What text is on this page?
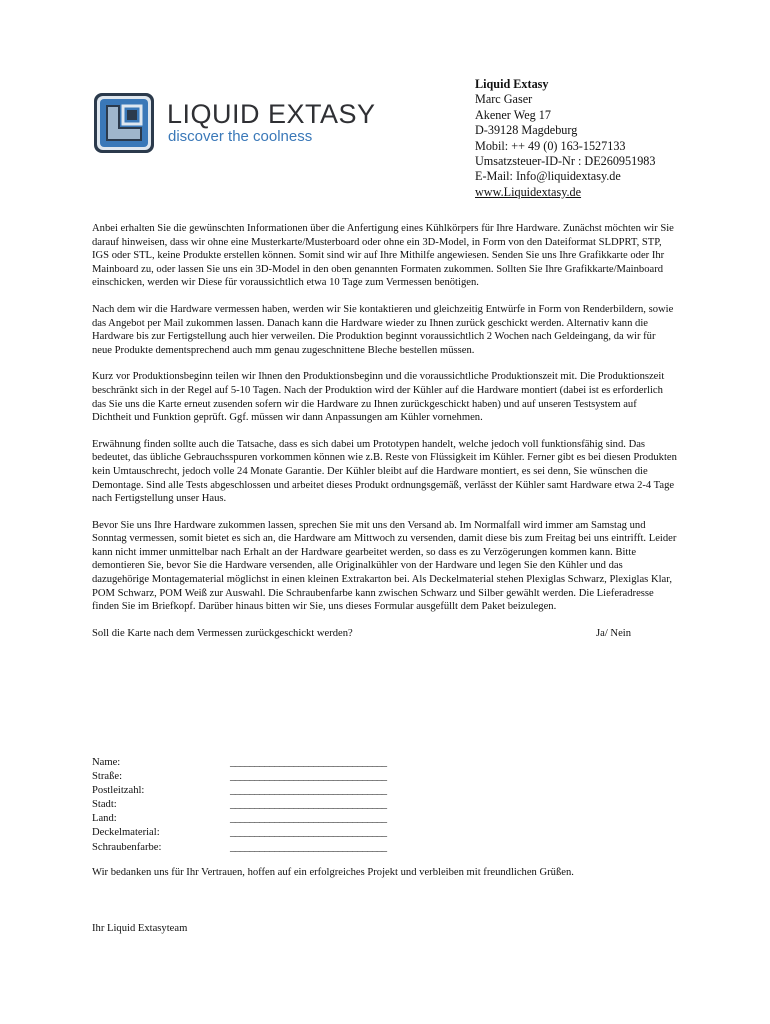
LIQUID EXTASY
discover the coolness
Liquid Extasy
Marc Gaser
Akener Weg 17
D-39128 Magdeburg
Mobil: ++ 49 (0) 163-1527133
Umsatzsteuer-ID-Nr : DE260951983
E-Mail: Info@liquidextasy.de
www.Liquidextasy.de

Anbei erhalten Sie die gewünschten Informationen über die Anfertigung eines Kühlkörpers für Ihre Hardware. Zunächst möchten wir Sie darauf hinweisen, dass wir ohne eine Musterkarte/Musterboard oder ohne ein 3D-Model, in Form von den Dateiformat SLDPRT, STP, IGS oder STL, keine Produkte erstellen können. Somit sind wir auf Ihre Mithilfe angewiesen. Senden Sie uns Ihre Grafikkarte oder Ihr Mainboard zu, oder lassen Sie uns ein 3D-Model in den oben genannten Formaten zukommen. Sollten Sie Ihre Grafikkarte/Mainboard einschicken, werden wir Diese für voraussichtlich etwa 10 Tage zum Vermessen benötigen.

Nach dem wir die Hardware vermessen haben, werden wir Sie kontaktieren und gleichzeitig Entwürfe in Form von Renderbildern, sowie das Angebot per Mail zukommen lassen. Danach kann die Hardware wieder zu Ihnen zurück geschickt werden. Alternativ kann die Hardware bis zur Fertigstellung auch hier verweilen. Die Produktion beginnt voraussichtlich 2 Wochen nach Geldeingang, da wir für neue Produkte dementsprechend auch mm genau zugeschnittene Bleche bestellen müssen.

Kurz vor Produktionsbeginn teilen wir Ihnen den Produktionsbeginn und die voraussichtliche Produktionszeit mit. Die Produktionszeit beschränkt sich in der Regel auf 5-10 Tagen. Nach der Produktion wird der Kühler auf die Hardware montiert (dabei ist es erforderlich das Sie uns die Karte erneut zusenden sofern wir die Hardware zu Ihnen zurückgeschickt haben) und auf unseren Testsystem auf Dichtheit und Funktion geprüft. Ggf. müssen wir dann Anpassungen am Kühler vornehmen.

Erwähnung finden sollte auch die Tatsache, dass es sich dabei um Prototypen handelt, welche jedoch voll funktionsfähig sind. Das bedeutet, das übliche Gebrauchsspuren vorkommen können wie z.B. Reste von Flüssigkeit im Kühler. Ferner gibt es bei diesen Produkten kein Umtauschrecht, jedoch volle 24 Monate Garantie. Der Kühler bleibt auf die Hardware montiert, es sei denn, Sie wünschen die Demontage. Sind alle Tests abgeschlossen und arbeitet dieses Produkt ordnungsgemäß, verlässt der Kühler samt Hardware etwa 2-4 Tage nach Fertigstellung unser Haus.

Bevor Sie uns Ihre Hardware zukommen lassen, sprechen Sie mit uns den Versand ab. Im Normalfall wird immer am Samstag und Sonntag vermessen, somit bietet es sich an, die Hardware am Mittwoch zu versenden, damit diese bis zum Freitag bei uns eintrifft. Leider kann nicht immer unmittelbar nach Erhalt an der Hardware gearbeitet werden, so dass es zu Verzögerungen kommen kann. Bitte demontieren Sie, bevor Sie die Hardware versenden, alle Originalkühler von der Hardware und legen Sie den Kühler und das dazugehörige Montagematerial möglichst in einen kleinen Extrakarton bei. Als Deckelmaterial stehen Plexiglas Schwarz, Plexiglas Klar, POM Schwarz, POM Weiß zur Auswahl. Die Schraubenfarbe kann zwischen Schwarz und Silber gewählt werden. Die Lieferadresse finden Sie im Briefkopf. Darüber hinaus bitten wir Sie, uns dieses Formular ausgefüllt dem Paket beizulegen.

Soll die Karte nach dem Vermessen zurückgeschickt werden?	Ja/ Nein
Name:	________________________________
Straße:	________________________________
Postleitzahl:	________________________________
Stadt:	________________________________
Land:	________________________________
Deckelmaterial:	________________________________
Schraubenfarbe:	________________________________

Wir bedanken uns für Ihr Vertrauen, hoffen auf ein erfolgreiches Projekt und verbleiben mit freundlichen Grüßen.

Ihr Liquid Extasyteam
